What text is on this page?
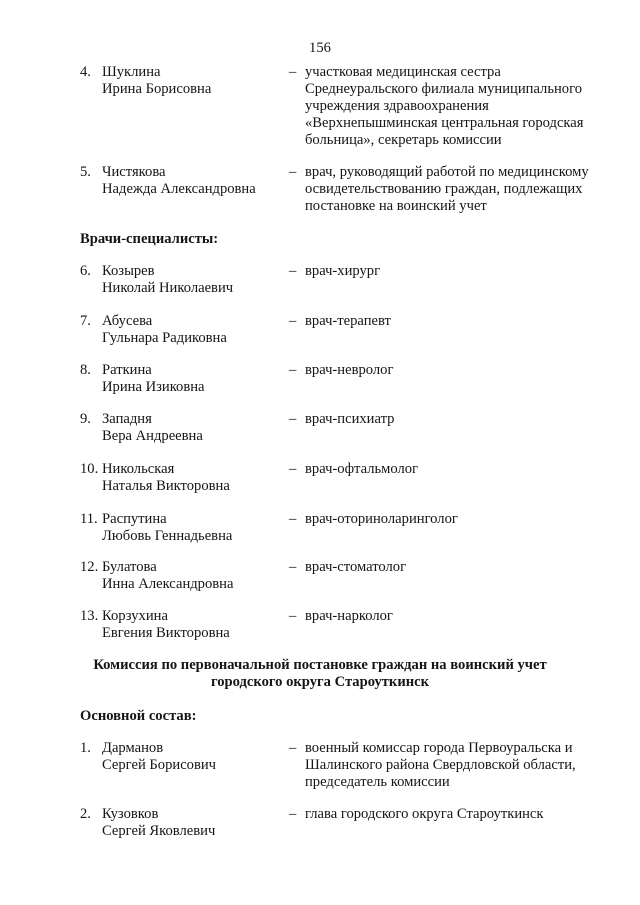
156
4. Шуклина
Ирина Борисовна
– участковая медицинская сестра
Среднеуральского филиала муниципального
учреждения здравоохранения
«Верхнепышминская центральная городская
больница», секретарь комиссии
5. Чистякова
Надежда Александровна
– врач, руководящий работой по медицинскому
освидетельствованию граждан, подлежащих
постановке на воинский учет
Врачи-специалисты:
6. Козырев
Николай Николаевич
– врач-хирург
7. Абусева
Гульнара Радиковна
– врач-терапевт
8. Раткина
Ирина Изиковна
– врач-невролог
9. Западня
Вера Андреевна
– врач-психиатр
10. Никольская
Наталья Викторовна
– врач-офтальмолог
11. Распутина
Любовь Геннадьевна
– врач-оториноларинголог
12. Булатова
Инна Александровна
– врач-стоматолог
13. Корзухина
Евгения Викторовна
– врач-нарколог
Комиссия по первоначальной постановке граждан на воинский учет
городского округа Староуткинск
Основной состав:
1. Дарманов
Сергей Борисович
– военный комиссар города Первоуральска и
Шалинского района Свердловской области,
председатель комиссии
2. Кузовков
Сергей Яковлевич
– глава городского округа Староуткинск
